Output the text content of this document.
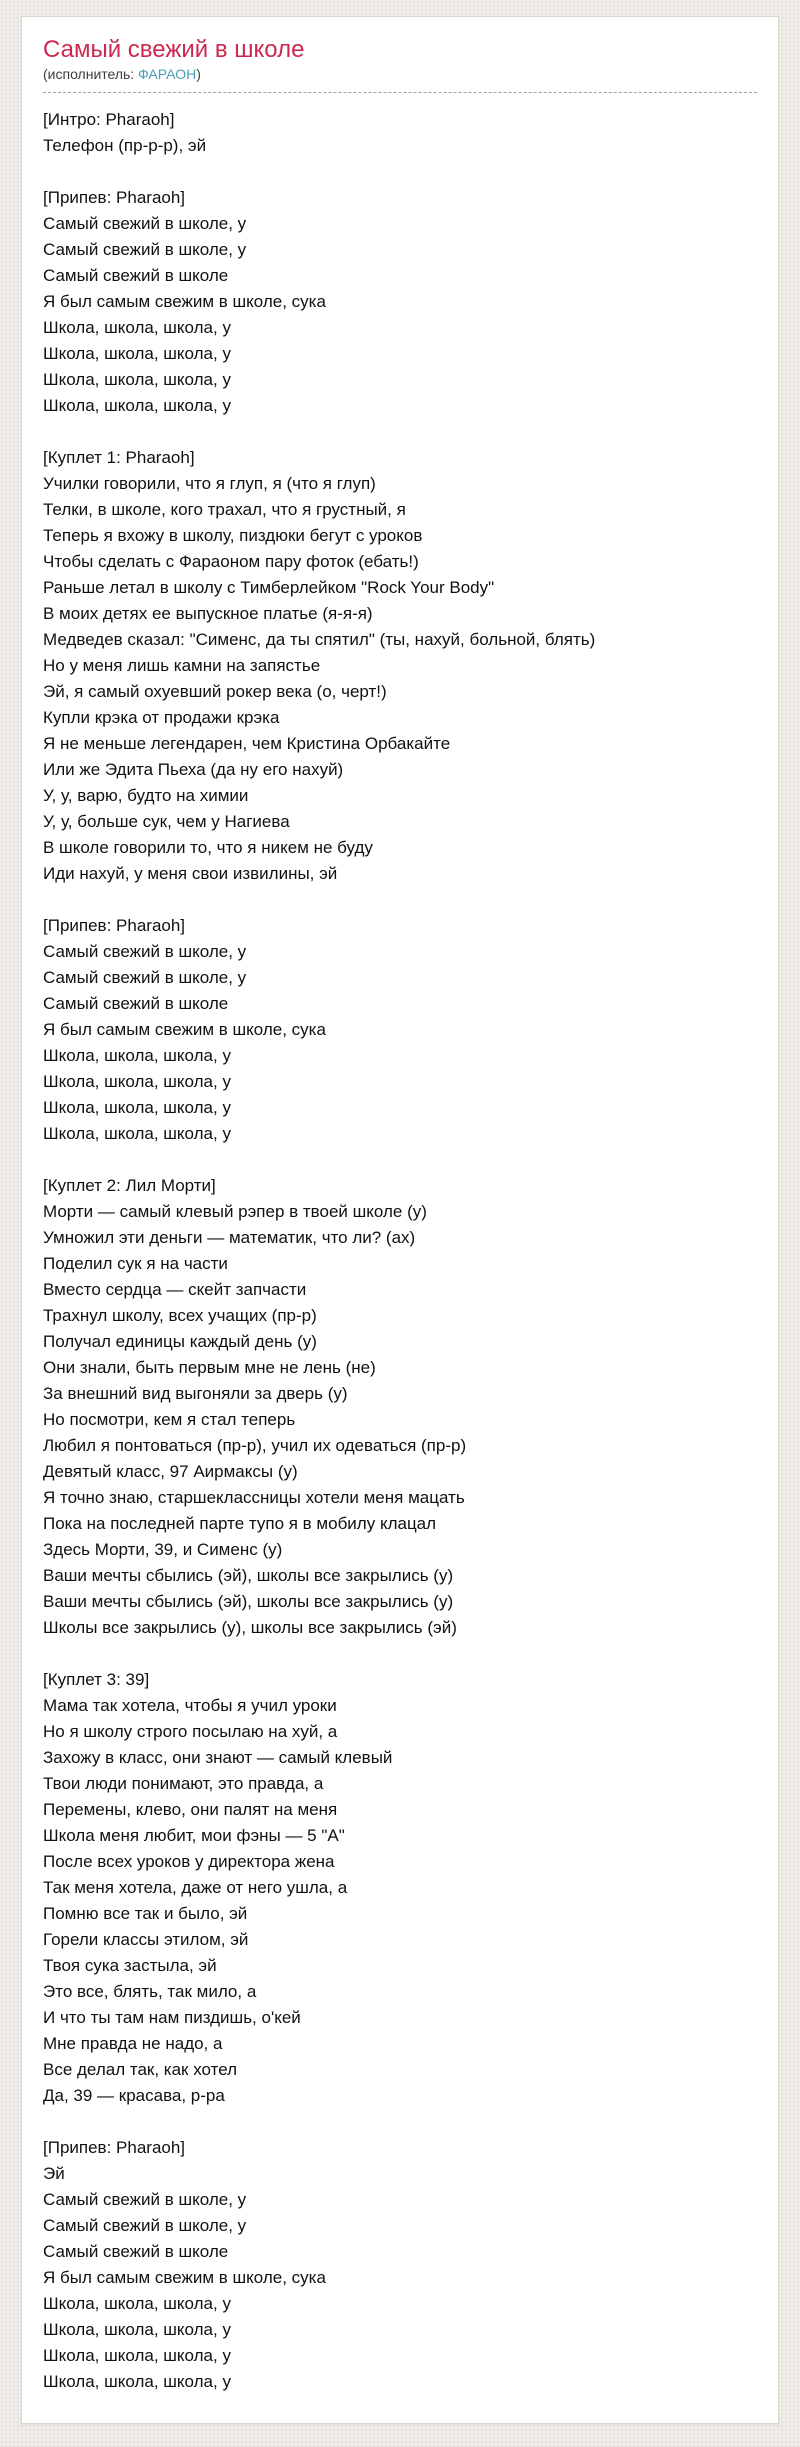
Самый свежий в школе
(исполнитель: ФАРАОН)
[Интро: Pharaoh]
Телефон (пр-р-р), эй
[Припев: Pharaoh]
Самый свежий в школе, у
Самый свежий в школе, у
Самый свежий в школе
Я был самым свежим в школе, сука
Школа, школа, школа, у
Школа, школа, школа, у
Школа, школа, школа, у
Школа, школа, школа, у
[Куплет 1: Pharaoh]
Училки говорили, что я глуп, я (что я глуп)
Телки, в школе, кого трахал, что я грустный, я
Теперь я вхожу в школу, пиздюки бегут с уроков
Чтобы сделать с Фараоном пару фоток (ебать!)
Раньше летал в школу с Тимберлейком "Rock Your Body"
В моих детях ее выпускное платье (я-я-я)
Медведев сказал: "Сименс, да ты спятил" (ты, нахуй, больной, блять)
Но у меня лишь камни на запястье
Эй, я самый охуевший рокер века (о, черт!)
Купли крэка от продажи крэка
Я не меньше легендарен, чем Кристина Орбакайте
Или же Эдита Пьеха (да ну его нахуй)
У, у, варю, будто на химии
У, у, больше сук, чем у Нагиева
В школе говорили то, что я никем не буду
Иди нахуй, у меня свои извилины, эй
[Припев: Pharaoh]
Самый свежий в школе, у
Самый свежий в школе, у
Самый свежий в школе
Я был самым свежим в школе, сука
Школа, школа, школа, у
Школа, школа, школа, у
Школа, школа, школа, у
Школа, школа, школа, у
[Куплет 2: Лил Морти]
Морти — самый клевый рэпер в твоей школе (у)
Умножил эти деньги — математик, что ли? (ах)
Поделил сук я на части
Вместо сердца — скейт запчасти
Трахнул школу, всех учащих (пр-р)
Получал единицы каждый день (у)
Они знали, быть первым мне не лень (не)
За внешний вид выгоняли за дверь (у)
Но посмотри, кем я стал теперь
Любил я понтоваться (пр-р), учил их одеваться (пр-р)
Девятый класс, 97 Аирмаксы (у)
Я точно знаю, старшеклассницы хотели меня мацать
Пока на последней парте тупо я в мобилу клацал
Здесь Морти, 39, и Сименс (у)
Ваши мечты сбылись (эй), школы все закрылись (у)
Ваши мечты сбылись (эй), школы все закрылись (у)
Школы все закрылись (у), школы все закрылись (эй)
[Куплет 3: 39]
Мама так хотела, чтобы я учил уроки
Но я школу строго посылаю на хуй, а
Захожу в класс, они знают — самый клевый
Твои люди понимают, это правда, а
Перемены, клево, они палят на меня
Школа меня любит, мои фэны — 5 "А"
После всех уроков у директора жена
Так меня хотела, даже от него ушла, а
Помню все так и было, эй
Горели классы этилом, эй
Твоя сука застыла, эй
Это все, блять, так мило, а
И что ты там нам пиздишь, о'кей
Мне правда не надо, а
Все делал так, как хотел
Да, 39 — красава, р-ра
[Припев: Pharaoh]
Эй
Самый свежий в школе, у
Самый свежий в школе, у
Самый свежий в школе
Я был самым свежим в школе, сука
Школа, школа, школа, у
Школа, школа, школа, у
Школа, школа, школа, у
Школа, школа, школа, у
